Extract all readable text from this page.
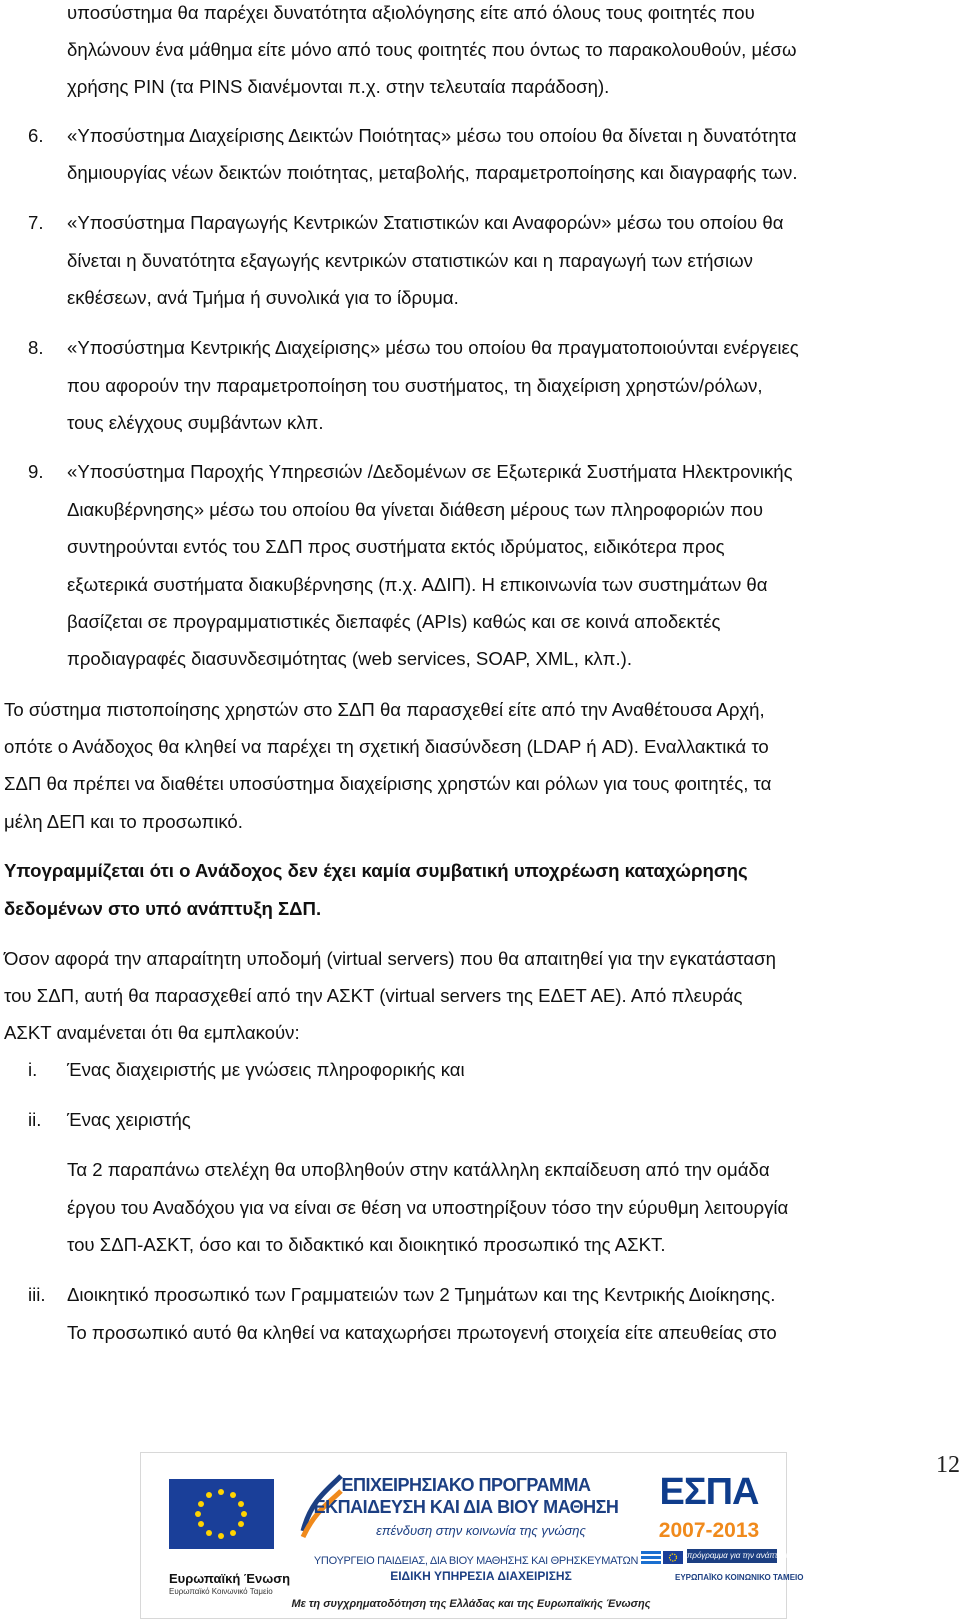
υποσύστημα θα παρέχει δυνατότητα αξιολόγησης είτε από όλους τους φοιτητές που
δηλώνουν ένα μάθημα είτε μόνο από τους φοιτητές που όντως το παρακολουθούν, μέσω
χρήσης PIN (τα PINS διανέμονται π.χ. στην τελευταία παράδοση).
6. «Υποσύστημα Διαχείρισης Δεικτών Ποιότητας» μέσω του οποίου θα δίνεται η δυνατότητα
δημιουργίας νέων δεικτών ποιότητας, μεταβολής, παραμετροποίησης και διαγραφής των.
7. «Υποσύστημα Παραγωγής Κεντρικών Στατιστικών και Αναφορών» μέσω του οποίου θα
δίνεται η δυνατότητα εξαγωγής κεντρικών στατιστικών και η παραγωγή των ετήσιων
εκθέσεων, ανά Τμήμα ή συνολικά για το ίδρυμα.
8. «Υποσύστημα Κεντρικής Διαχείρισης» μέσω του οποίου θα πραγματοποιούνται ενέργειες
που αφορούν την παραμετροποίηση του συστήματος, τη διαχείριση χρηστών/ρόλων,
τους ελέγχους συμβάντων κλπ.
9. «Υποσύστημα Παροχής Υπηρεσιών /Δεδομένων σε Εξωτερικά Συστήματα Ηλεκτρονικής
Διακυβέρνησης» μέσω του οποίου θα γίνεται διάθεση μέρους των πληροφοριών που
συντηρούνται εντός του ΣΔΠ προς συστήματα εκτός ιδρύματος, ειδικότερα προς
εξωτερικά συστήματα διακυβέρνησης (π.χ. ΑΔΙΠ). Η επικοινωνία των συστημάτων θα
βασίζεται σε προγραμματιστικές διεπαφές (APIs) καθώς και σε κοινά αποδεκτές
προδιαγραφές διασυνδεσιμότητας (web services, SOAP, XML, κλπ.).
Το σύστημα πιστοποίησης χρηστών στο ΣΔΠ θα παρασχεθεί είτε από την Αναθέτουσα Αρχή,
οπότε ο Ανάδοχος θα κληθεί να παρέχει τη σχετική διασύνδεση (LDAP ή AD). Εναλλακτικά το
ΣΔΠ θα πρέπει να διαθέτει υποσύστημα διαχείρισης χρηστών και ρόλων για τους φοιτητές, τα
μέλη ΔΕΠ και το προσωπικό.
Υπογραμμίζεται ότι ο Ανάδοχος δεν έχει καμία συμβατική υποχρέωση καταχώρησης
δεδομένων στο υπό ανάπτυξη ΣΔΠ.
Όσον αφορά την απαραίτητη υποδομή (virtual servers) που θα απαιτηθεί για την εγκατάσταση
του ΣΔΠ, αυτή θα παρασχεθεί από την ΑΣΚΤ (virtual servers της ΕΔΕΤ ΑΕ). Από πλευράς
ΑΣΚΤ αναμένεται ότι θα εμπλακούν:
i. Ένας διαχειριστής με γνώσεις πληροφορικής και
ii. Ένας χειριστής
Τα 2 παραπάνω στελέχη θα υποβληθούν στην κατάλληλη εκπαίδευση από την ομάδα
έργου του Αναδόχου για να είναι σε θέση να υποστηρίξουν τόσο την εύρυθμη λειτουργία
του ΣΔΠ-ΑΣΚΤ, όσο και το διδακτικό και διοικητικό προσωπικό της ΑΣΚΤ.
iii. Διοικητικό προσωπικό των Γραμματειών των 2 Τμημάτων και της Κεντρικής Διοίκησης.
Το προσωπικό αυτό θα κληθεί να καταχωρήσει πρωτογενή στοιχεία είτε απευθείας στο
12
Ευρωπαϊκή Ένωση
Ευρωπαϊκό Κοινωνικό Ταμείο
ΕΠΙΧΕΙΡΗΣΙΑΚΟ ΠΡΟΓΡΑΜΜΑ
ΕΚΠΑΙΔΕΥΣΗ ΚΑΙ ΔΙΑ ΒΙΟΥ ΜΑΘΗΣΗ
επένδυση στην κοινωνία της γνώσης
ΥΠΟΥΡΓΕΙΟ ΠΑΙΔΕΙΑΣ, ΔΙΑ ΒΙΟΥ ΜΑΘΗΣΗΣ ΚΑΙ ΘΡΗΣΚΕΥΜΑΤΩΝ
ΕΙΔΙΚΗ ΥΠΗΡΕΣΙΑ ΔΙΑΧΕΙΡΙΣΗΣ
Με τη συγχρηματοδότηση της Ελλάδας και της Ευρωπαϊκής Ένωσης
ΕΣΠΑ
2007-2013
πρόγραμμα για την ανάπτυξη
ΕΥΡΩΠΑΪΚΟ ΚΟΙΝΩΝΙΚΟ ΤΑΜΕΙΟ
